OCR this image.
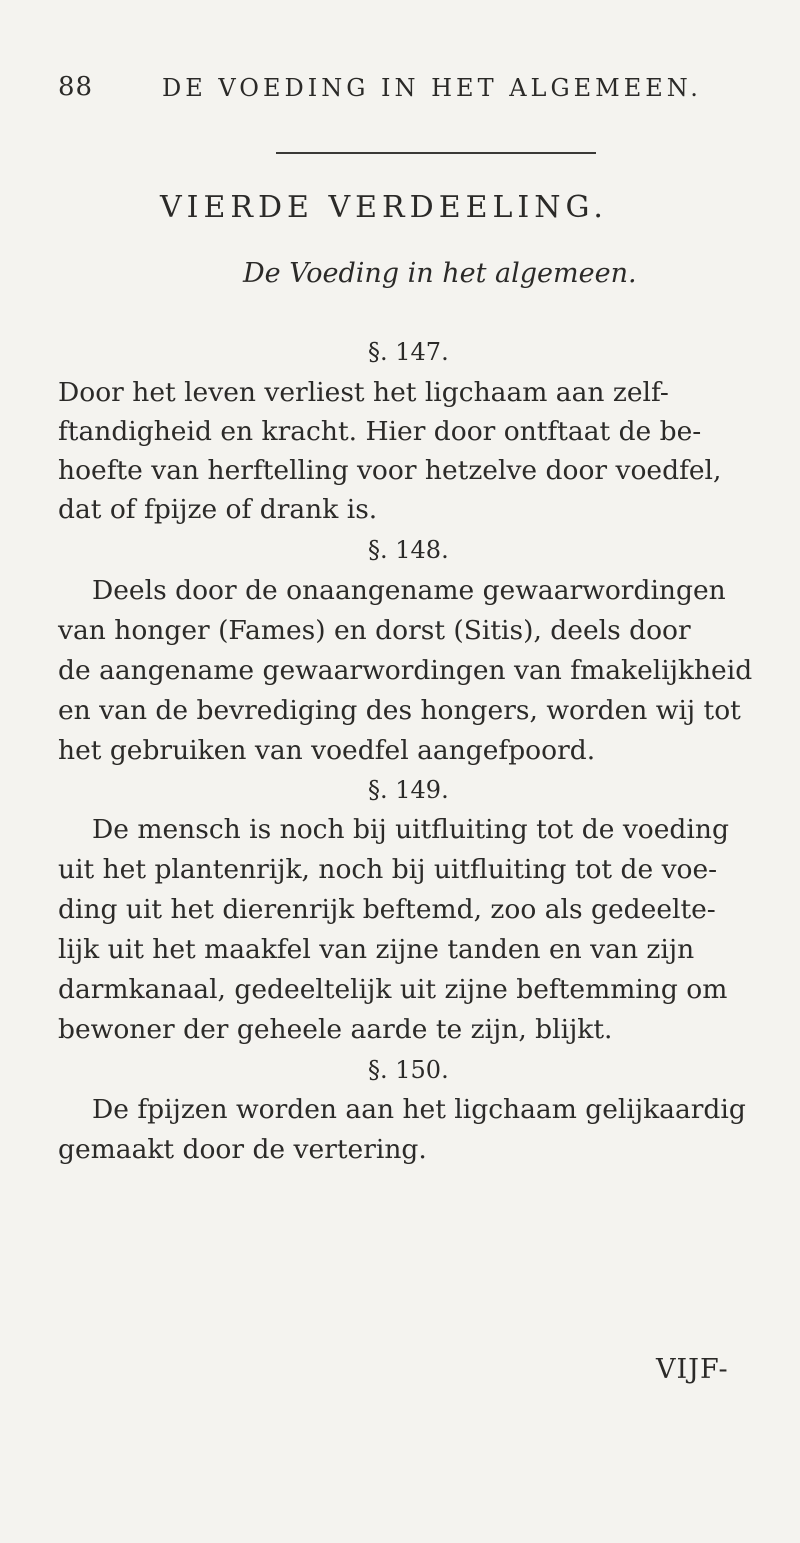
88	DE VOEDING IN HET ALGEMEEN.
VIERDE VERDEELING.
De Voeding in het algemeen.
§. 147.
Door het leven verliest het ligchaam aan zelf-
ftandigheid en kracht. Hier door ontftaat de be-
hoefte van herftelling voor hetzelve door voedfel,
dat of fpijze of drank is.
§. 148.
Deels door de onaangename gewaarwordingen
van honger (Fames) en dorst (Sitis), deels door
de aangename gewaarwordingen van fmakelijkheid
en van de bevrediging des hongers, worden wij tot
het gebruiken van voedfel aangefpoord.
§. 149.
De mensch is noch bij uitfluiting tot de voeding
uit het plantenrijk, noch bij uitfluiting tot de voe-
ding uit het dierenrijk beftemd, zoo als gedeelte-
lijk uit het maakfel van zijne tanden en van zijn
darmkanaal, gedeeltelijk uit zijne beftemming om
bewoner der geheele aarde te zijn, blijkt.
§. 150.
De fpijzen worden aan het ligchaam gelijkaardig
gemaakt door de vertering.
VIJF-
